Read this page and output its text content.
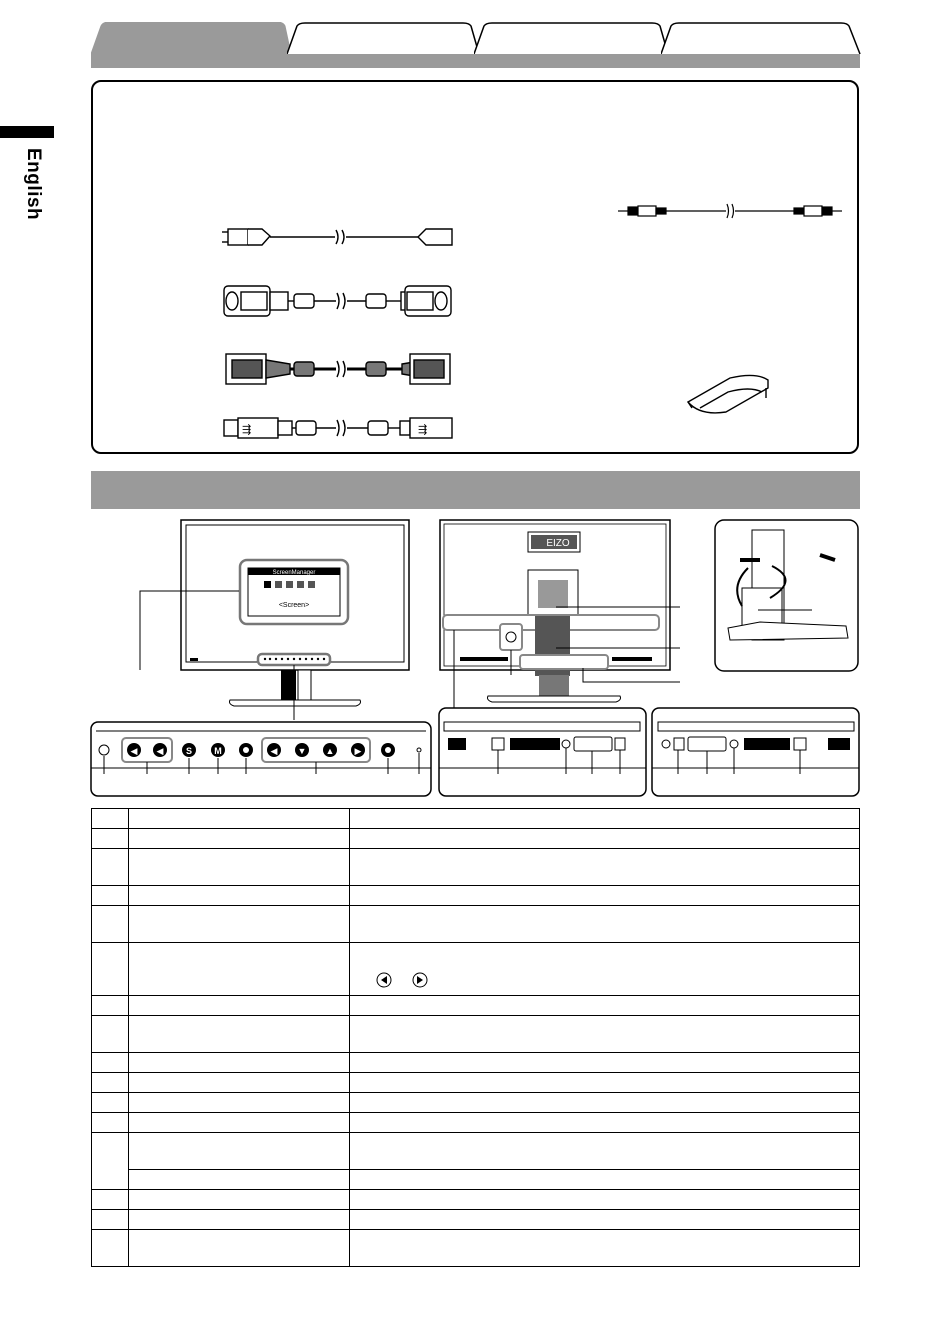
English
⇶	⇶
ScreenManager
<Screen>
EIZO
◀ ◀	S M	◀ ▼ ▲ ▶
